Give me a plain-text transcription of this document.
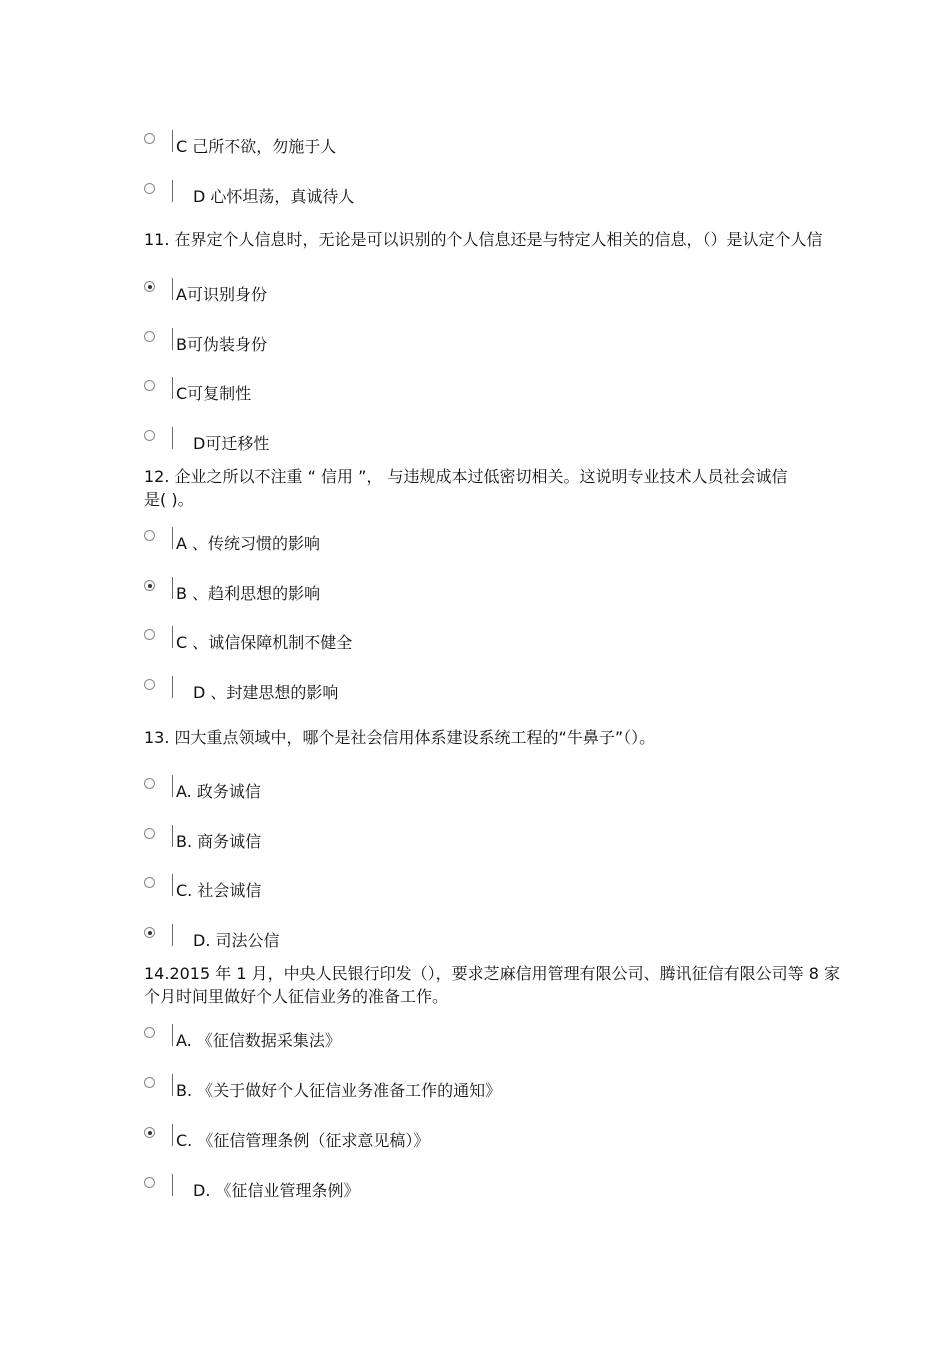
C 己所不欲，勿施于人
D 心怀坦荡，真诚待人
11. 在界定个人信息时，无论是可以识别的个人信息还是与特定人相关的信息，（）是认定个人信
A可识别身份
B可伪装身份
C可复制性
D可迁移性
12. 企业之所以不注重 “ 信用 ”， 与违规成本过低密切相关。这说明专业技术人员社会诚信
是( )。
A 、传统习惯的影响
B 、趋利思想的影响
C 、诚信保障机制不健全
D 、封建思想的影响
13. 四大重点领域中，哪个是社会信用体系建设系统工程的“牛鼻子”（）。
A. 政务诚信
B. 商务诚信
C. 社会诚信
D. 司法公信
14.2015 年 1 月，中央人民银行印发（），要求芝麻信用管理有限公司、腾讯征信有限公司等 8 家
个月时间里做好个人征信业务的准备工作。
A. 《征信数据采集法》
B. 《关于做好个人征信业务准备工作的通知》
C. 《征信管理条例（征求意见稿）》
D. 《征信业管理条例》
